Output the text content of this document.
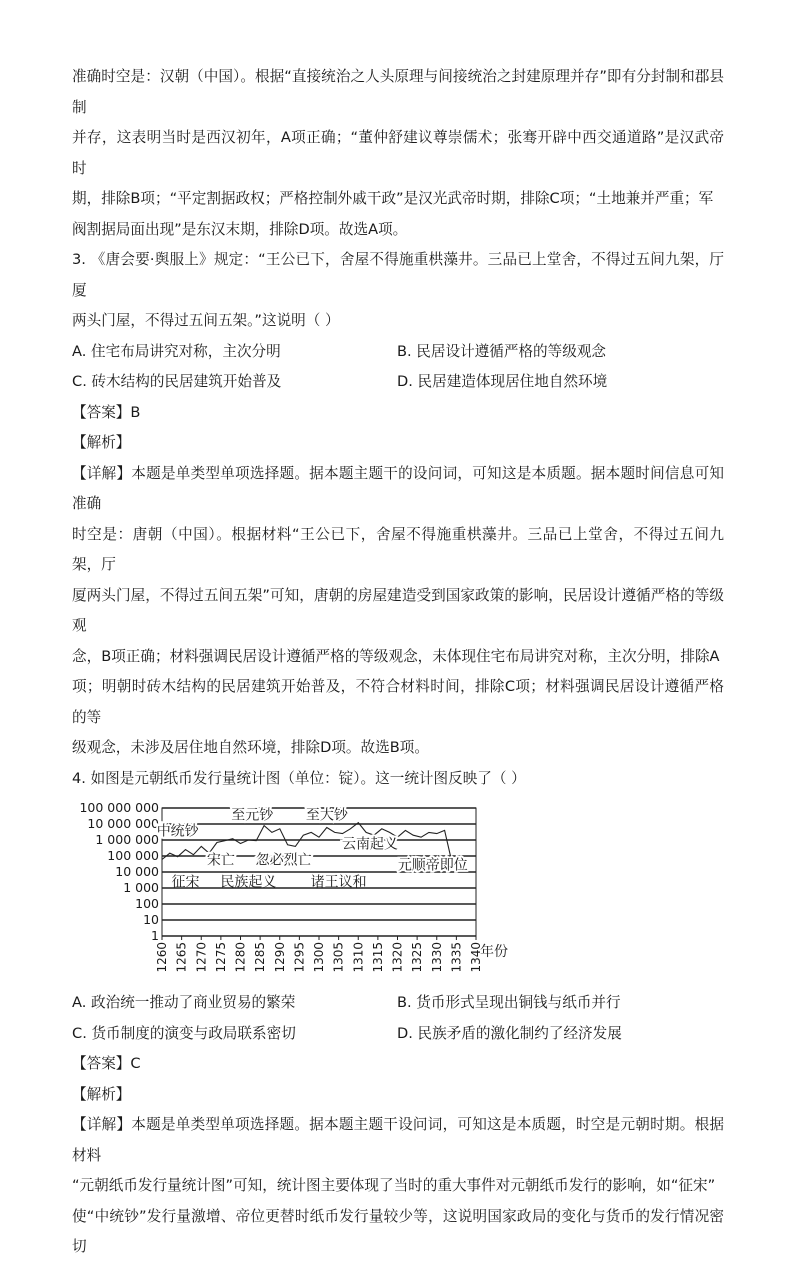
准确时空是：汉朝（中国）。根据“直接统治之人头原理与间接统治之封建原理并存”即有分封制和郡县制

并存，这表明当时是西汉初年，A项正确；“董仲舒建议尊崇儒术；张骞开辟中西交通道路”是汉武帝时

期，排除B项；“平定割据政权；严格控制外戚干政”是汉光武帝时期，排除C项；“土地兼并严重；军

阀割据局面出现”是东汉末期，排除D项。故选A项。

3. 《唐会要·舆服上》规定：“王公已下，舍屋不得施重栱藻井。三品已上堂舍，不得过五间九架，厅厦

两头门屋，不得过五间五架。”这说明（ ）

A. 住宅布局讲究对称，主次分明	B. 民居设计遵循严格的等级观念
C. 砖木结构的民居建筑开始普及	D. 民居建造体现居住地自然环境

【答案】B

【解析】

【详解】本题是单类型单项选择题。据本题主题干的设问词，可知这是本质题。据本题时间信息可知准确

时空是：唐朝（中国）。根据材料“王公已下，舍屋不得施重栱藻井。三品已上堂舍，不得过五间九架，厅

厦两头门屋，不得过五间五架”可知，唐朝的房屋建造受到国家政策的影响，民居设计遵循严格的等级观

念，B项正确；材料强调民居设计遵循严格的等级观念，未体现住宅布局讲究对称，主次分明，排除A

项；明朝时砖木结构的民居建筑开始普及，不符合材料时间，排除C项；材料强调民居设计遵循严格的等

级观念，未涉及居住地自然环境，排除D项。故选B项。

4. 如图是元朝纸币发行量统计图（单位：锭）。这一统计图反映了（ ）

100 000 000
10 000 000
1 000 000
100 000
10 000
1 000
100
10
1
1260 1265 1270 1275 1280 1285 1290 1295 1300 1305 1310 1315 1320 1325 1330 1335 1340
年份
中统钞
至元钞 至大钞
宋亡 忽必烈亡
云南起义
元顺帝即位
征宋 民族起义 诸王议和
A. 政治统一推动了商业贸易的繁荣	B. 货币形式呈现出铜钱与纸币并行
C. 货币制度的演变与政局联系密切	D. 民族矛盾的激化制约了经济发展

【答案】C

【解析】

【详解】本题是单类型单项选择题。据本题主题干设问词，可知这是本质题，时空是元朝时期。根据材料

“元朝纸币发行量统计图”可知，统计图主要体现了当时的重大事件对元朝纸币发行的影响，如“征宋”

使“中统钞”发行量激增、帝位更替时纸币发行量较少等，这说明国家政局的变化与货币的发行情况密切
